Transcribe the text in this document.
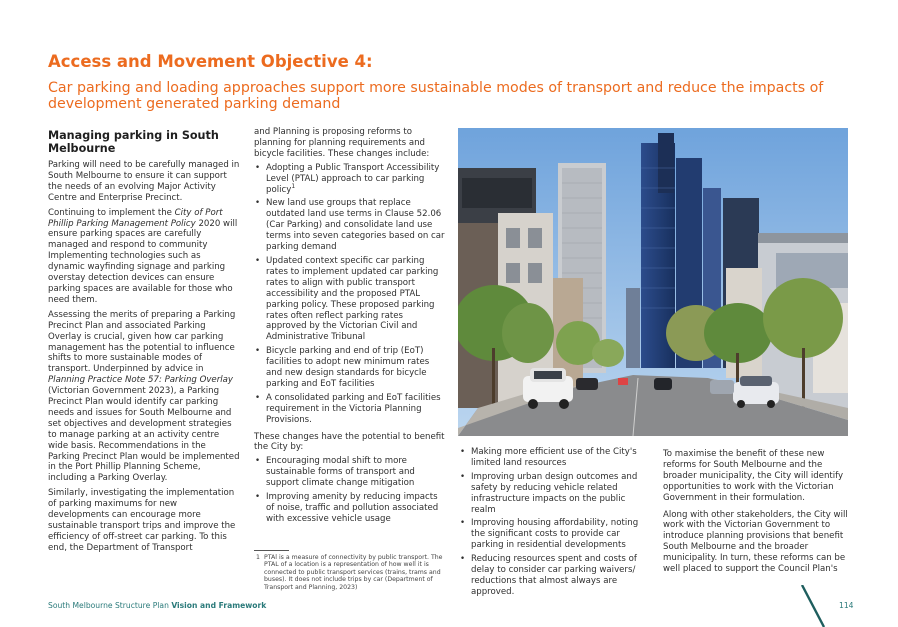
Access and Movement Objective 4:
Car parking and loading approaches support more sustainable modes of transport and reduce the impacts of development generated parking demand
Managing parking in South Melbourne

Parking will need to be carefully managed in South Melbourne to ensure it can support the needs of an evolving Major Activity Centre and Enterprise Precinct.

Continuing to implement the City of Port Phillip Parking Management Policy 2020 will ensure parking spaces are carefully managed and respond to community Implementing technologies such as dynamic wayfinding signage and parking overstay detection devices can ensure parking spaces are available for those who need them.

Assessing the merits of preparing a Parking Precinct Plan and associated Parking Overlay is crucial, given how car parking management has the potential to influence shifts to more sustainable modes of transport. Underpinned by advice in Planning Practice Note 57: Parking Overlay (Victorian Government 2023), a Parking Precinct Plan would identify car parking needs and issues for South Melbourne and set objectives and development strategies to manage parking at an activity centre wide basis. Recommendations in the Parking Precinct Plan would be implemented in the Port Phillip Planning Scheme, including a Parking Overlay.

Similarly, investigating the implementation of parking maximums for new developments can encourage more sustainable transport trips and improve the efficiency of off-street car parking. To this end, the Department of Transport

and Planning is proposing reforms to planning for planning requirements and bicycle facilities. These changes include:

• Adopting a Public Transport Accessibility Level (PTAL) approach to car parking policy$^1$
• New land use groups that replace outdated land use terms in Clause 52.06 (Car Parking) and consolidate land use terms into seven categories based on car parking demand
• Updated context specific car parking rates to implement updated car parking rates to align with public transport accessibility and the proposed PTAL parking policy. These proposed parking rates often reflect parking rates approved by the Victorian Civil and Administrative Tribunal
• Bicycle parking and end of trip (EoT) facilities to adopt new minimum rates and new design standards for bicycle parking and EoT facilities
• A consolidated parking and EoT facilities requirement in the Victoria Planning Provisions.

These changes have the potential to benefit the City by:

• Encouraging modal shift to more sustainable forms of transport and support climate change mitigation
• Improving amenity by reducing impacts of noise, traffic and pollution associated with excessive vehicle usage
1 PTAl is a measure of connectivity by public transport. The PTAL of a location is a representation of how well it is connected to public transport services (trains, trams and buses). It does not include trips by car (Department of Transport and Planning, 2023)
• Making more efficient use of the City's limited land resources
• Improving urban design outcomes and safety by reducing vehicle related infrastructure impacts on the public realm
• Improving housing affordability, noting the significant costs to provide car parking in residential developments
• Reducing resources spent and costs of delay to consider car parking waivers/ reductions that almost always are approved.

To maximise the benefit of these new reforms for South Melbourne and the broader municipality, the City will identify opportunities to work with the Victorian Government in their formulation.

Along with other stakeholders, the City will work with the Victorian Government to introduce planning provisions that benefit South Melbourne and the broader municipality. In turn, these reforms can be well placed to support the Council Plan's

South Melbourne Structure Plan Vision and Framework	114
